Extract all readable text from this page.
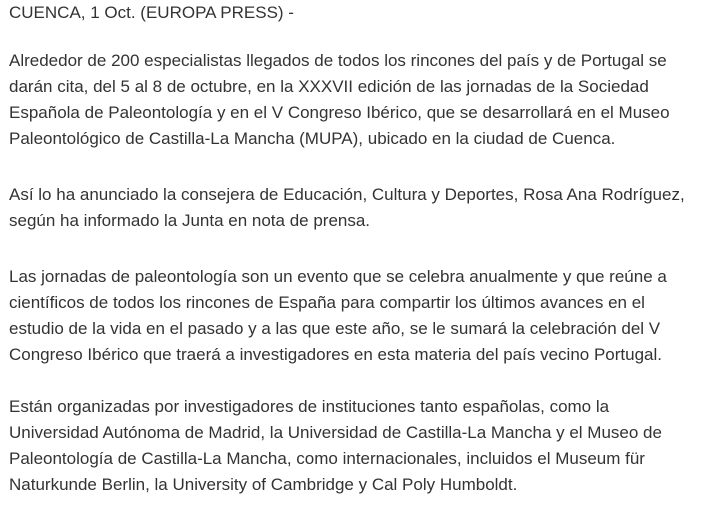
CUENCA, 1 Oct. (EUROPA PRESS) -

Alrededor de 200 especialistas llegados de todos los rincones del país y de Portugal se
darán cita, del 5 al 8 de octubre, en la XXXVII edición de las jornadas de la Sociedad
Española de Paleontología y en el V Congreso Ibérico, que se desarrollará en el Museo
Paleontológico de Castilla-La Mancha (MUPA), ubicado en la ciudad de Cuenca.

Así lo ha anunciado la consejera de Educación, Cultura y Deportes, Rosa Ana Rodríguez,
según ha informado la Junta en nota de prensa.

Las jornadas de paleontología son un evento que se celebra anualmente y que reúne a
científicos de todos los rincones de España para compartir los últimos avances en el
estudio de la vida en el pasado y a las que este año, se le sumará la celebración del V
Congreso Ibérico que traerá a investigadores en esta materia del país vecino Portugal.

Están organizadas por investigadores de instituciones tanto españolas, como la
Universidad Autónoma de Madrid, la Universidad de Castilla-La Mancha y el Museo de
Paleontología de Castilla-La Mancha, como internacionales, incluidos el Museum für
Naturkunde Berlin, la University of Cambridge y Cal Poly Humboldt.
